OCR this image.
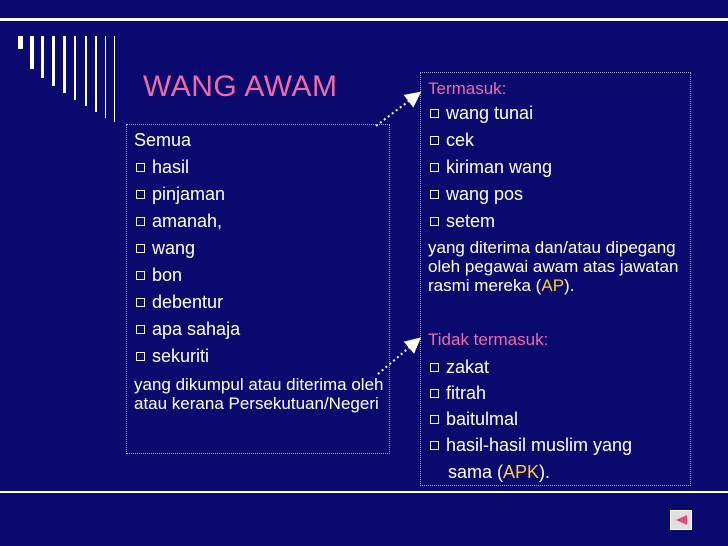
WANG AWAM
Semua
hasil
pinjaman
amanah,
wang
bon
debentur
apa sahaja
sekuriti
yang dikumpul atau diterima oleh atau kerana Persekutuan/Negeri
Termasuk:
wang tunai
cek
kiriman wang
wang pos
setem
yang diterima dan/atau dipegang oleh pegawai awam atas jawatan rasmi mereka (AP).
Tidak termasuk:
zakat
fitrah
baitulmal
hasil-hasil muslim yang
sama (APK).
